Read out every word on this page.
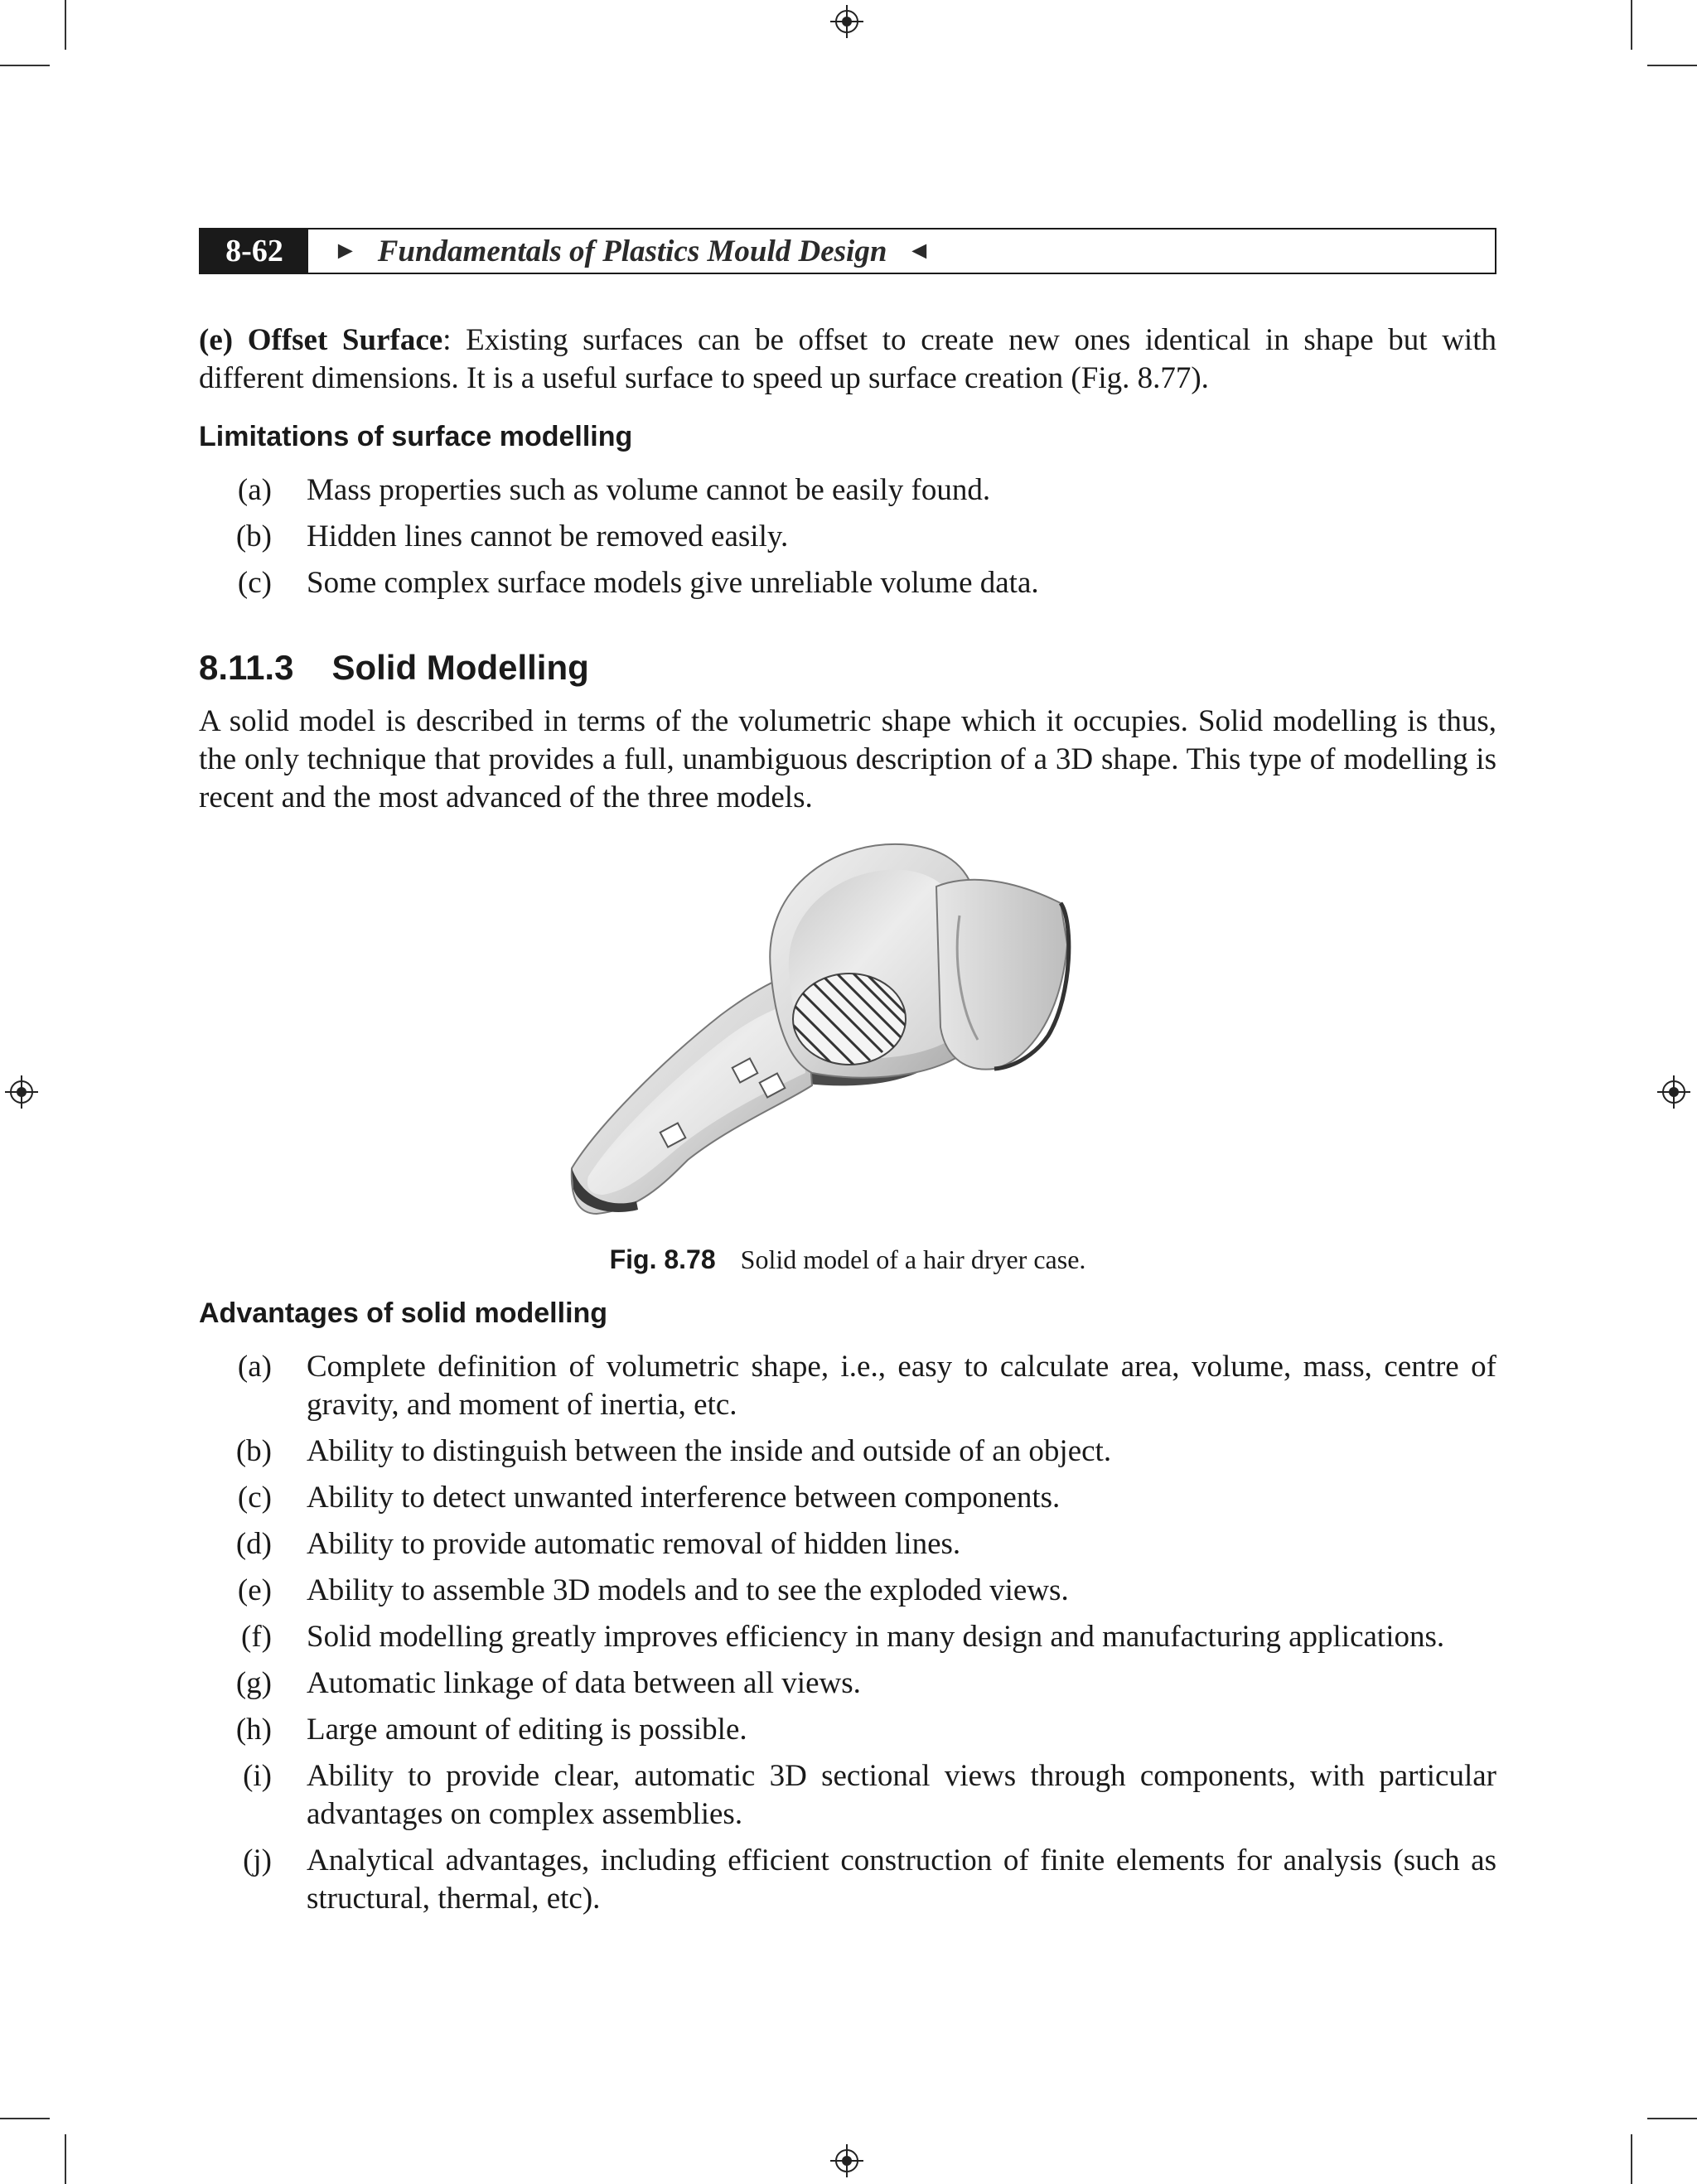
8-62	► Fundamentals of Plastics Mould Design ◄

(e) Offset Surface: Existing surfaces can be offset to create new ones identical in shape but with different dimensions. It is a useful surface to speed up surface creation (Fig. 8.77).

Limitations of surface modelling
(a)	Mass properties such as volume cannot be easily found.
(b)	Hidden lines cannot be removed easily.
(c)	Some complex surface models give unreliable volume data.
8.11.3 Solid Modelling

A solid model is described in terms of the volumetric shape which it occupies. Solid modelling is thus, the only technique that provides a full, unambiguous description of a 3D shape. This type of modelling is recent and the most advanced of the three models.

Fig. 8.78 Solid model of a hair dryer case.
Advantages of solid modelling
(a)	Complete definition of volumetric shape, i.e., easy to calculate area, volume, mass, centre of gravity, and moment of inertia, etc.
(b)	Ability to distinguish between the inside and outside of an object.
(c)	Ability to detect unwanted interference between components.
(d)	Ability to provide automatic removal of hidden lines.
(e)	Ability to assemble 3D models and to see the exploded views.
(f)	Solid modelling greatly improves efficiency in many design and manufacturing applications.
(g)	Automatic linkage of data between all views.
(h)	Large amount of editing is possible.
(i)	Ability to provide clear, automatic 3D sectional views through components, with particular advantages on complex assemblies.
(j)	Analytical advantages, including efficient construction of finite elements for analysis (such as structural, thermal, etc).
